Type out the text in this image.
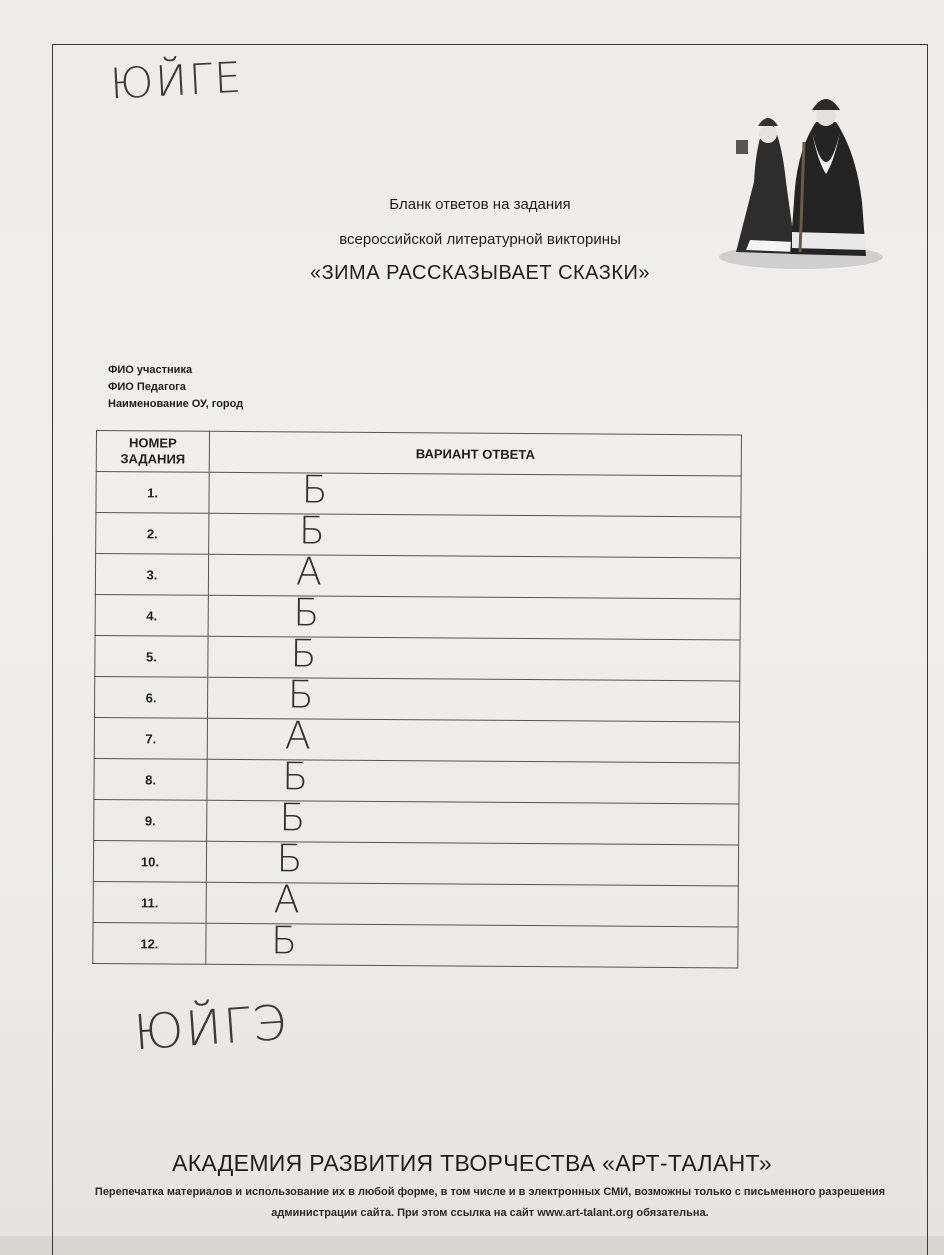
ЮЙГЕ
Бланк ответов на задания
всероссийской литературной викторины
«ЗИМА РАССКАЗЫВАЕТ СКАЗКИ»
ФИО участника
ФИО Педагога
Наименование ОУ, город
НОМЕР ЗАДАНИЯ	ВАРИАНТ ОТВЕТА
1.	Б

2.	Б

3.	А

4.	Б

5.	Б

6.	Б

7.	А

8.	Б

9.	Б

10.	Б

11.	А

12.	Б
ЮЙГЭ
АКАДЕМИЯ РАЗВИТИЯ ТВОРЧЕСТВА «АРТ-ТАЛАНТ»
Перепечатка материалов и использование их в любой форме, в том числе и в электронных СМИ, возможны только с письменного разрешения администрации сайта. При этом ссылка на сайт www.art-talant.org обязательна.
